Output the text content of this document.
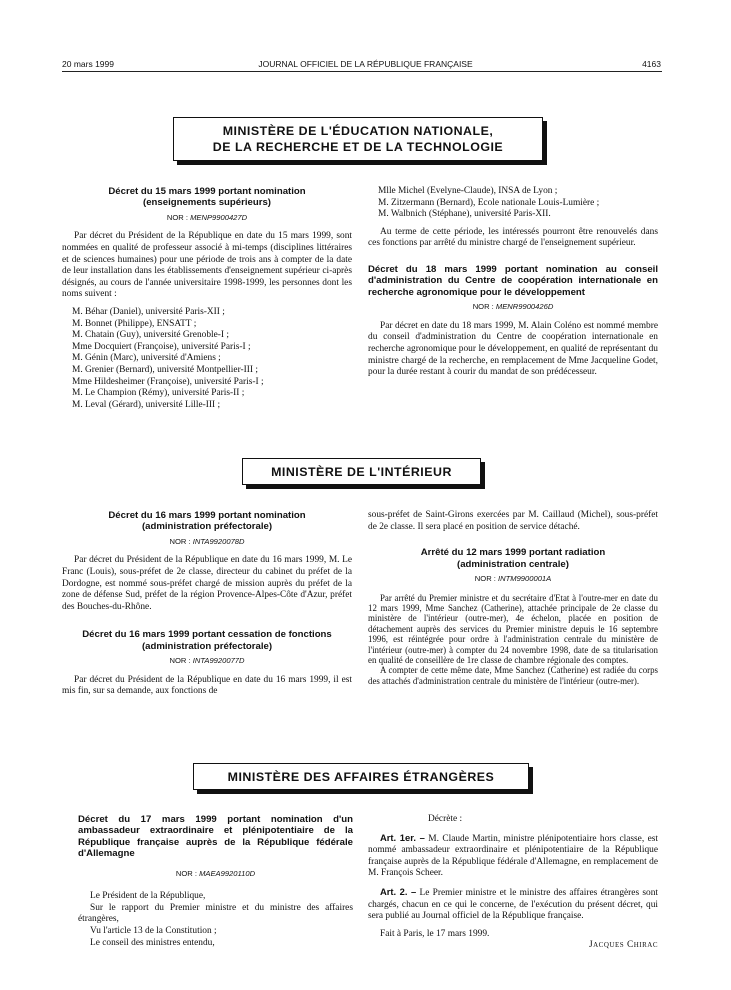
20 mars 1999	JOURNAL OFFICIEL DE LA RÉPUBLIQUE FRANÇAISE	4163
MINISTÈRE DE L'ÉDUCATION NATIONALE,
DE LA RECHERCHE ET DE LA TECHNOLOGIE
Décret du 15 mars 1999 portant nomination
(enseignements supérieurs)
NOR : MENP9900427D

Par décret du Président de la République en date du 15 mars 1999, sont nommées en qualité de professeur associé à mi-temps (disciplines littéraires et de sciences humaines) pour une période de trois ans à compter de la date de leur installation dans les établissements d'enseignement supérieur ci-après désignés, au cours de l'année universitaire 1998-1999, les personnes dont les noms suivent :

M. Béhar (Daniel), université Paris-XII ;

M. Bonnet (Philippe), ENSATT ;

M. Chatain (Guy), université Grenoble-I ;

Mme Docquiert (Françoise), université Paris-I ;

M. Génin (Marc), université d'Amiens ;

M. Grenier (Bernard), université Montpellier-III ;

Mme Hildesheimer (Françoise), université Paris-I ;

M. Le Champion (Rémy), université Paris-II ;

M. Leval (Gérard), université Lille-III ;

Mlle Michel (Evelyne-Claude), INSA de Lyon ;

M. Zitzermann (Bernard), Ecole nationale Louis-Lumière ;

M. Walbnich (Stéphane), université Paris-XII.

Au terme de cette période, les intéressés pourront être renouvelés dans ces fonctions par arrêté du ministre chargé de l'enseignement supérieur.

Décret du 18 mars 1999 portant nomination au conseil d'administration du Centre de coopération internationale en recherche agronomique pour le développement
NOR : MENR9900426D

Par décret en date du 18 mars 1999, M. Alain Coléno est nommé membre du conseil d'administration du Centre de coopération internationale en recherche agronomique pour le développement, en qualité de représentant du ministre chargé de la recherche, en remplacement de Mme Jacqueline Godet, pour la durée restant à courir du mandat de son prédécesseur.

MINISTÈRE DE L'INTÉRIEUR
Décret du 16 mars 1999 portant nomination
(administration préfectorale)
NOR : INTA9920078D

Par décret du Président de la République en date du 16 mars 1999, M. Le Franc (Louis), sous-préfet de 2e classe, directeur du cabinet du préfet de la Dordogne, est nommé sous-préfet chargé de mission auprès du préfet de la zone de défense Sud, préfet de la région Provence-Alpes-Côte d'Azur, préfet des Bouches-du-Rhône.

Décret du 16 mars 1999 portant cessation de fonctions
(administration préfectorale)
NOR : INTA9920077D

Par décret du Président de la République en date du 16 mars 1999, il est mis fin, sur sa demande, aux fonctions de

sous-préfet de Saint-Girons exercées par M. Caillaud (Michel), sous-préfet de 2e classe. Il sera placé en position de service détaché.

Arrêté du 12 mars 1999 portant radiation
(administration centrale)
NOR : INTM9900001A

Par arrêté du Premier ministre et du secrétaire d'Etat à l'outre-mer en date du 12 mars 1999, Mme Sanchez (Catherine), attachée principale de 2e classe du ministère de l'intérieur (outre-mer), 4e échelon, placée en position de détachement auprès des services du Premier ministre depuis le 16 septembre 1996, est réintégrée pour ordre à l'administration centrale du ministère de l'intérieur (outre-mer) à compter du 24 novembre 1998, date de sa titularisation en qualité de conseillère de 1re classe de chambre régionale des comptes.

A compter de cette même date, Mme Sanchez (Catherine) est radiée du corps des attachés d'administration centrale du ministère de l'intérieur (outre-mer).

MINISTÈRE DES AFFAIRES ÉTRANGÈRES
Décret du 17 mars 1999 portant nomination d'un ambassadeur extraordinaire et plénipotentiaire de la République française auprès de la République fédérale d'Allemagne
NOR : MAEA9920110D

Le Président de la République,

Sur le rapport du Premier ministre et du ministre des affaires étrangères,

Vu l'article 13 de la Constitution ;

Le conseil des ministres entendu,

Décrète :

Art. 1er. – M. Claude Martin, ministre plénipotentiaire hors classe, est nommé ambassadeur extraordinaire et plénipotentiaire de la République française auprès de la République fédérale d'Allemagne, en remplacement de M. François Scheer.

Art. 2. – Le Premier ministre et le ministre des affaires étrangères sont chargés, chacun en ce qui le concerne, de l'exécution du présent décret, qui sera publié au Journal officiel de la République française.

Fait à Paris, le 17 mars 1999.

Jacques Chirac
